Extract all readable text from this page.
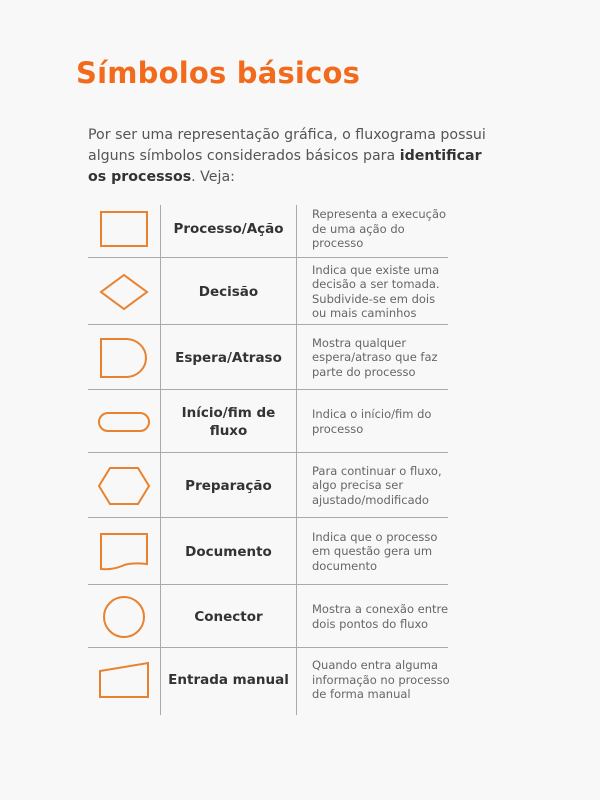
Símbolos básicos

Por ser uma representação gráfica, o fluxograma possui alguns símbolos considerados básicos para identificar os processos. Veja:

Processo/Ação
Representa a execução de uma ação do processo
Decisão
Indica que existe uma decisão a ser tomada. Subdivide-se em dois ou mais caminhos
Espera/Atraso
Mostra qualquer espera/atraso que faz parte do processo
Início/fim de fluxo
Indica o início/fim do processo
Preparação
Para continuar o fluxo, algo precisa ser ajustado/modificado
Documento
Indica que o processo em questão gera um documento
Conector	Mostra a conexão entre dois pontos do fluxo
Entrada manual
Quando entra alguma informação no processo de forma manual
